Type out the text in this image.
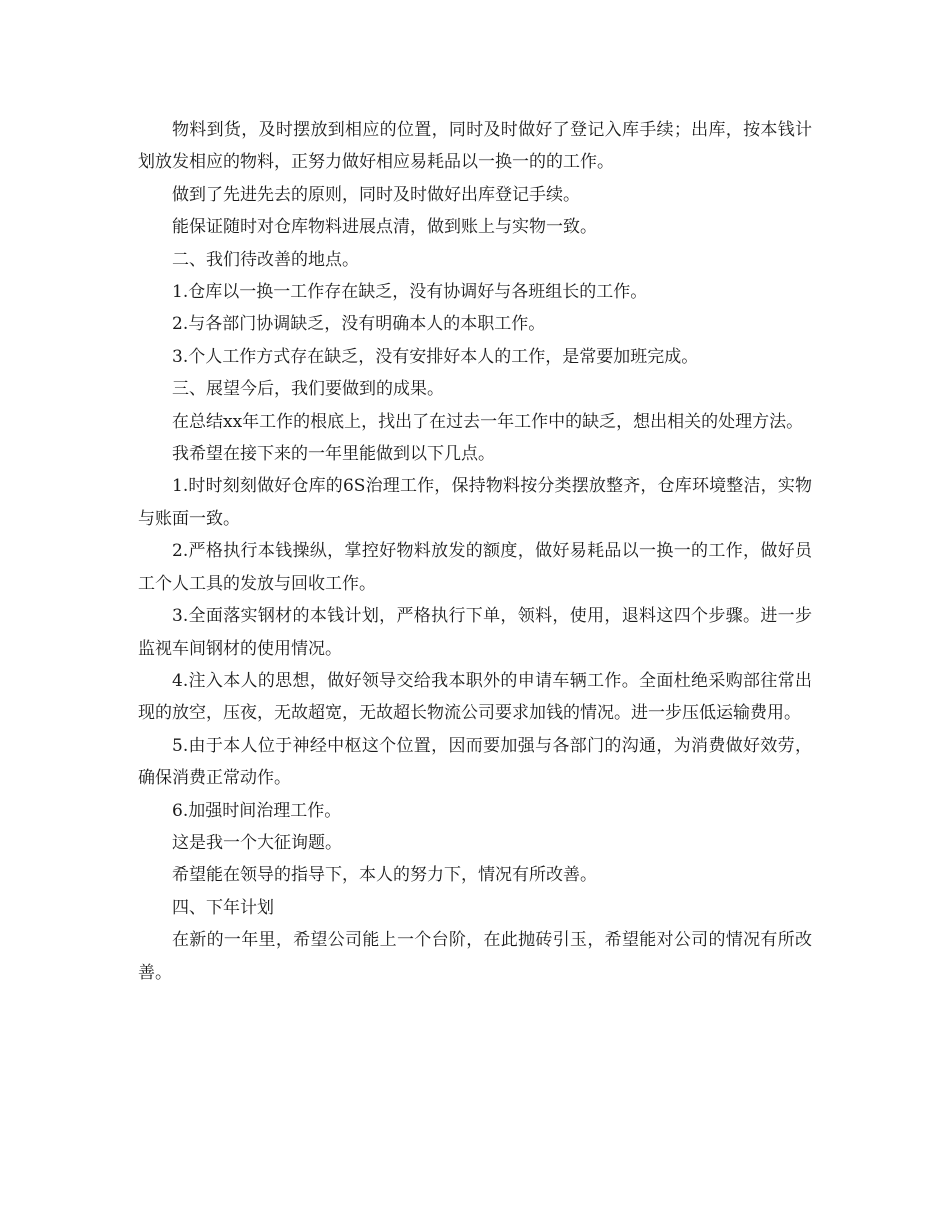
物料到货，及时摆放到相应的位置，同时及时做好了登记入库手续；出库，按本钱计划放发相应的物料，正努力做好相应易耗品以一换一的的工作。

做到了先进先去的原则，同时及时做好出库登记手续。

能保证随时对仓库物料进展点清，做到账上与实物一致。

二、我们待改善的地点。

1.仓库以一换一工作存在缺乏，没有协调好与各班组长的工作。

2.与各部门协调缺乏，没有明确本人的本职工作。

3.个人工作方式存在缺乏，没有安排好本人的工作，是常要加班完成。

三、展望今后，我们要做到的成果。

在总结xx年工作的根底上，找出了在过去一年工作中的缺乏，想出相关的处理方法。

我希望在接下来的一年里能做到以下几点。

1.时时刻刻做好仓库的6S治理工作，保持物料按分类摆放整齐，仓库环境整洁，实物与账面一致。

2.严格执行本钱操纵，掌控好物料放发的额度，做好易耗品以一换一的工作，做好员工个人工具的发放与回收工作。

3.全面落实钢材的本钱计划，严格执行下单，领料，使用，退料这四个步骤。进一步监视车间钢材的使用情况。

4.注入本人的思想，做好领导交给我本职外的申请车辆工作。全面杜绝采购部往常出现的放空，压夜，无故超宽，无故超长物流公司要求加钱的情况。进一步压低运输费用。

5.由于本人位于神经中枢这个位置，因而要加强与各部门的沟通，为消费做好效劳，确保消费正常动作。

6.加强时间治理工作。

这是我一个大征询题。

希望能在领导的指导下，本人的努力下，情况有所改善。

四、下年计划

在新的一年里，希望公司能上一个台阶，在此抛砖引玉，希望能对公司的情况有所改善。
